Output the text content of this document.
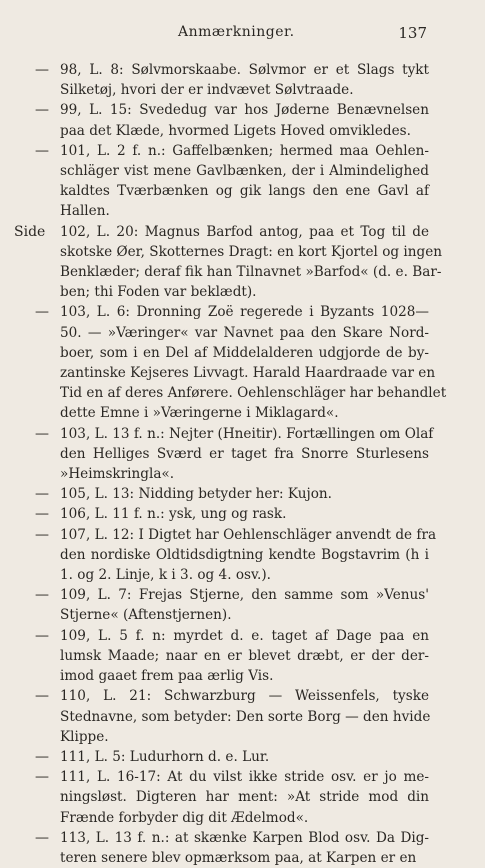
Anmærkninger.	137
— 98, L. 8: Sølvmorskaabe. Sølvmor er et Slags tykt
Silketøj, hvori der er indvævet Sølvtraade.
— 99, L. 15: Svededug var hos Jøderne Benævnelsen
paa det Klæde, hvormed Ligets Hoved omvikledes.
— 101, L. 2 f. n.: Gaffelbænken; hermed maa Oehlen-
schläger vist mene Gavlbænken, der i Almindelighed
kaldtes Tværbænken og gik langs den ene Gavl af
Hallen.
Side 102, L. 20: Magnus Barfod antog, paa et Tog til de
skotske Øer, Skotternes Dragt: en kort Kjortel og ingen
Benklæder; deraf fik han Tilnavnet »Barfod« (d. e. Bar-
ben; thi Foden var beklædt).
— 103, L. 6: Dronning Zoë regerede i Byzants 1028—
50. — »Væringer« var Navnet paa den Skare Nord-
boer, som i en Del af Middelalderen udgjorde de by-
zantinske Kejseres Livvagt. Harald Haardraade var en
Tid en af deres Anførere. Oehlenschläger har behandlet
dette Emne i »Væringerne i Miklagard«.
— 103, L. 13 f. n.: Nejter (Hneitir). Fortællingen om Olaf
den Helliges Sværd er taget fra Snorre Sturlesens
»Heimskringla«.
— 105, L. 13: Nidding betyder her: Kujon.
— 106, L. 11 f. n.: ysk, ung og rask.
— 107, L. 12: I Digtet har Oehlenschläger anvendt de fra
den nordiske Oldtidsdigtning kendte Bogstavrim (h i
1. og 2. Linje, k i 3. og 4. osv.).
— 109, L. 7: Frejas Stjerne, den samme som »Venus'
Stjerne« (Aftenstjernen).
— 109, L. 5 f. n: myrdet d. e. taget af Dage paa en
lumsk Maade; naar en er blevet dræbt, er der der-
imod gaaet frem paa ærlig Vis.
— 110, L. 21: Schwarzburg — Weissenfels, tyske
Stednavne, som betyder: Den sorte Borg — den hvide
Klippe.
— 111, L. 5: Ludurhorn d. e. Lur.
— 111, L. 16-17: At du vilst ikke stride osv. er jo me-
ningsløst. Digteren har ment: »At stride mod din
Frænde forbyder dig dit Ædelmod«.
— 113, L. 13 f. n.: at skænke Karpen Blod osv. Da Dig-
teren senere blev opmærksom paa, at Karpen er en
